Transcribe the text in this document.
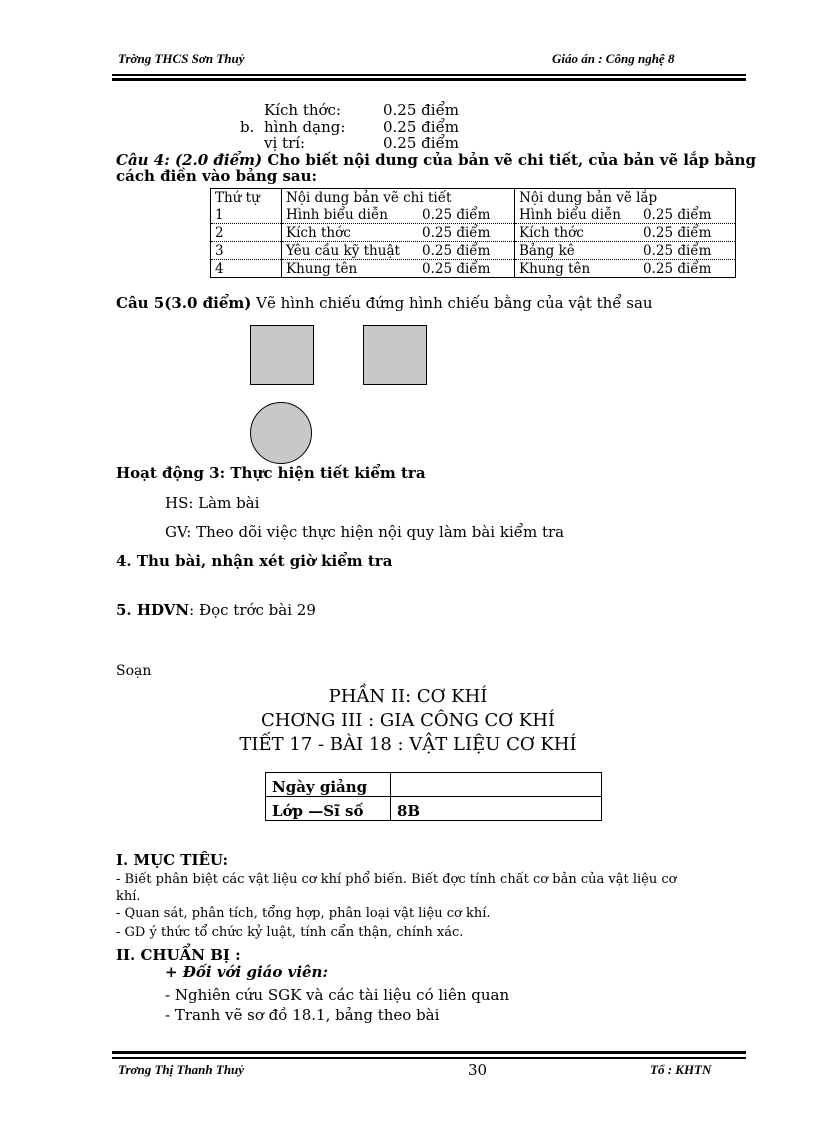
Trờng THCS Sơn Thuỷ	Giáo án : Công nghệ 8
Kích thớc:	0.25 điểm
b. hình dạng:	0.25 điểm
vị trí:	0.25 điểm
Câu 4: (2.0 điểm) Cho biết nội dung của bản vẽ chi tiết, của bản vẽ lắp bằng
cách điền vào bảng sau:
Thứ tự	Nội dung bản vẽ chi tiết	Nội dung bản vẽ lắp
1	Hình biểu diễn 0.25 điểm	Hình biểu diễn 0.25 điểm
2	Kích thớc 0.25 điểm	Kích thớc 0.25 điểm
3	Yêu cầu kỹ thuật 0.25 điểm	Bảng kê 0.25 điểm
4	Khung tên 0.25 điểm	Khung tên 0.25 điểm
Câu 5(3.0 điểm) Vẽ hình chiếu đứng hình chiếu bằng của vật thể sau
Hoạt động 3: Thực hiện tiết kiểm tra
HS: Làm bài
GV: Theo dõi việc thực hiện nội quy làm bài kiểm tra
4. Thu bài, nhận xét giờ kiểm tra
5. HDVN: Đọc trớc bài 29
Soạn
PHẦN II: CƠ KHÍ
CHƠNG III : GIA CÔNG CƠ KHÍ
TIẾT 17 - BÀI 18 : VẬT LIỆU CƠ KHÍ
Ngày giảng	
Lớp —Sĩ số	8B
I. MỤC TIÊU:
- Biết phân biệt các vật liệu cơ khí phổ biến. Biết đợc tính chất cơ bản của vật liệu cơ
khí.
- Quan sát, phân tích, tổng hợp, phân loại vật liệu cơ khí.
- GD ý thức tổ chức kỷ luật, tính cẩn thận, chính xác.
II. CHUẨN BỊ :
+ Đối với giáo viên:
- Nghiên cứu SGK và các tài liệu có liên quan
- Tranh vẽ sơ đồ 18.1, bảng theo bài
Trơng Thị Thanh Thuỷ	30	Tổ : KHTN
